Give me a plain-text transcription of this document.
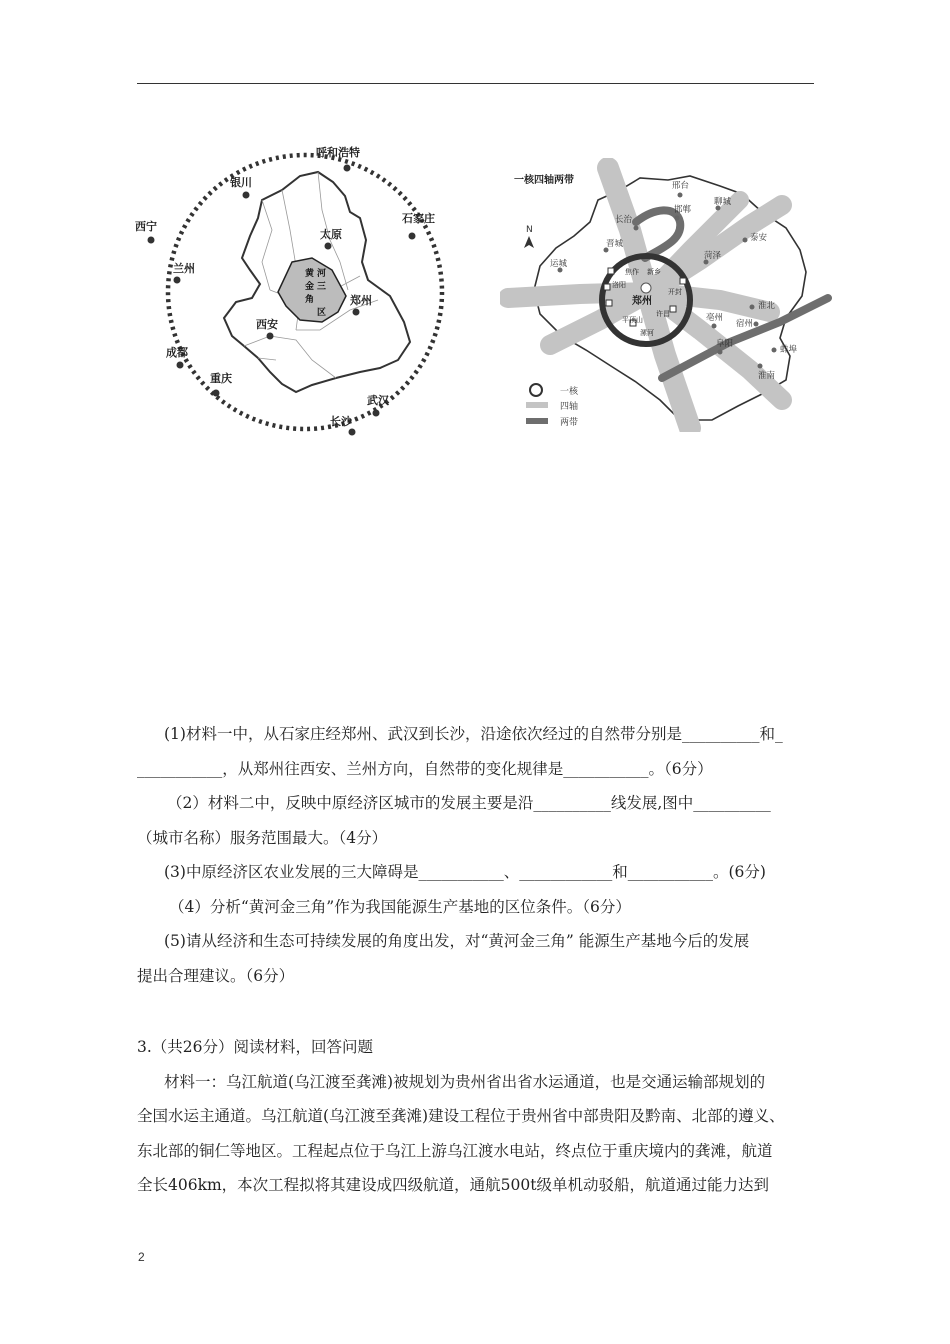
呼和浩特
银川
西宁
兰州
太原
石家庄
郑州
西安
成都
重庆
武汉
长沙
黄 河
金 三
角
区
一核四轴两带
N
邢台
邯郸
聊城
长治
泰安
晋城
菏泽
运城
淮北
亳州
宿州
阜阳
蚌埠
淮南
焦作 新乡
洛阳
开封
平顶山
许昌
漯河
郑州
一核
四轴
两带

(1)材料一中，从石家庄经郑州、武汉到长沙，沿途依次经过的自然带分别是__________和_

___________，从郑州往西安、兰州方向，自然带的变化规律是___________。（6分）

（2）材料二中，反映中原经济区城市的发展主要是沿__________线发展,图中__________

（城市名称）服务范围最大。（4分）

(3)中原经济区农业发展的三大障碍是___________、____________和___________。(6分)

（4）分析“黄河金三角”作为我国能源生产基地的区位条件。（6分）

(5)请从经济和生态可持续发展的角度出发，对“黄河金三角” 能源生产基地今后的发展

提出合理建议。（6分）

3.（共26分）阅读材料，回答问题

材料一：乌江航道(乌江渡至龚滩)被规划为贵州省出省水运通道，也是交通运输部规划的

全国水运主通道。乌江航道(乌江渡至龚滩)建设工程位于贵州省中部贵阳及黔南、北部的遵义、

东北部的铜仁等地区。工程起点位于乌江上游乌江渡水电站，终点位于重庆境内的龚滩，航道

全长406km，本次工程拟将其建设成四级航道，通航500t级单机动驳船，航道通过能力达到

2
